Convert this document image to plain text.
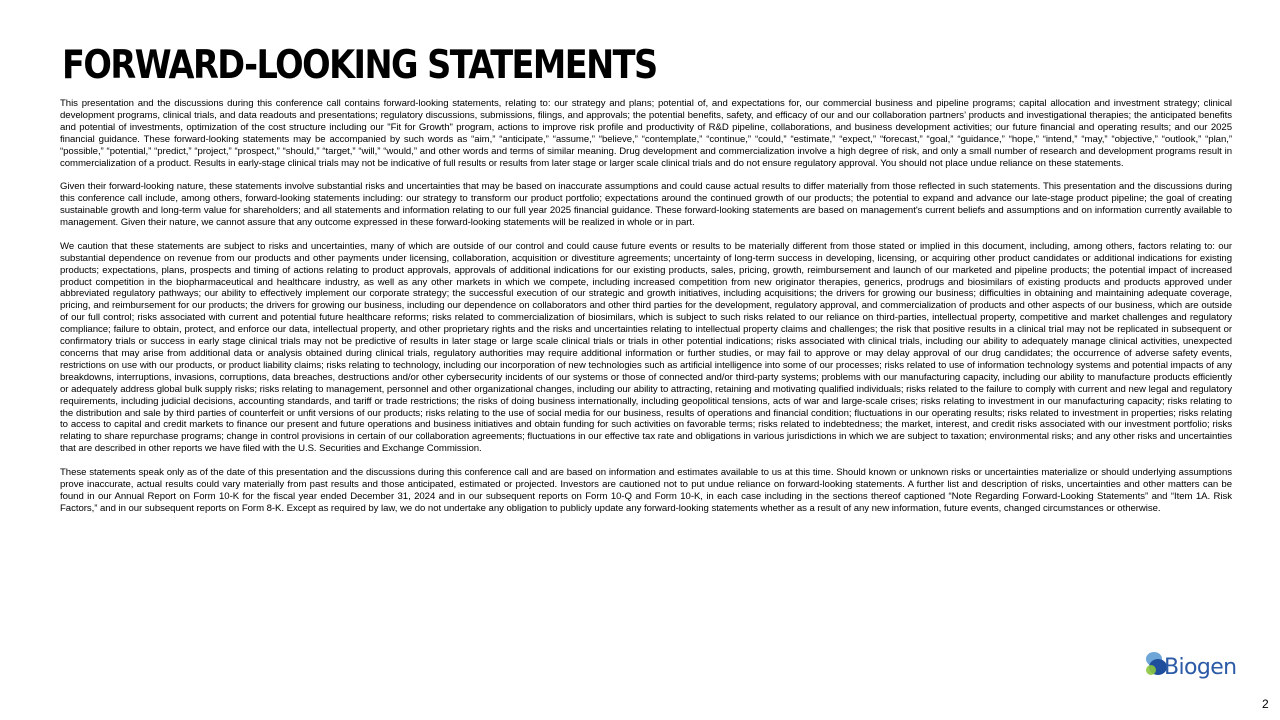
FORWARD-LOOKING STATEMENTS

This presentation and the discussions during this conference call contains forward-looking statements, relating to: our strategy and plans; potential of, and expectations for, our commercial business and pipeline programs; capital allocation and investment strategy; clinical development programs, clinical trials, and data readouts and presentations; regulatory discussions, submissions, filings, and approvals; the potential benefits, safety, and efficacy of our and our collaboration partners’ products and investigational therapies; the anticipated benefits and potential of investments, optimization of the cost structure including our "Fit for Growth" program, actions to improve risk profile and productivity of R&D pipeline, collaborations, and business development activities; our future financial and operating results; and our 2025 financial guidance. These forward-looking statements may be accompanied by such words as “aim,” “anticipate,” “assume,” “believe,” “contemplate,” “continue,” “could,” “estimate,” “expect,” “forecast,” “goal,” “guidance,” “hope,” “intend,” “may,” “objective,” “outlook,” “plan,” “possible,” “potential,” “predict,” “project,” “prospect,” “should,” “target,” “will,” “would,” and other words and terms of similar meaning. Drug development and commercialization involve a high degree of risk, and only a small number of research and development programs result in commercialization of a product. Results in early-stage clinical trials may not be indicative of full results or results from later stage or larger scale clinical trials and do not ensure regulatory approval. You should not place undue reliance on these statements.

Given their forward-looking nature, these statements involve substantial risks and uncertainties that may be based on inaccurate assumptions and could cause actual results to differ materially from those reflected in such statements. This presentation and the discussions during this conference call include, among others, forward-looking statements including: our strategy to transform our product portfolio; expectations around the continued growth of our products; the potential to expand and advance our late-stage product pipeline; the goal of creating sustainable growth and long-term value for shareholders; and all statements and information relating to our full year 2025 financial guidance. These forward-looking statements are based on management's current beliefs and assumptions and on information currently available to management. Given their nature, we cannot assure that any outcome expressed in these forward-looking statements will be realized in whole or in part.

We caution that these statements are subject to risks and uncertainties, many of which are outside of our control and could cause future events or results to be materially different from those stated or implied in this document, including, among others, factors relating to: our substantial dependence on revenue from our products and other payments under licensing, collaboration, acquisition or divestiture agreements; uncertainty of long-term success in developing, licensing, or acquiring other product candidates or additional indications for existing products; expectations, plans, prospects and timing of actions relating to product approvals, approvals of additional indications for our existing products, sales, pricing, growth, reimbursement and launch of our marketed and pipeline products; the potential impact of increased product competition in the biopharmaceutical and healthcare industry, as well as any other markets in which we compete, including increased competition from new originator therapies, generics, prodrugs and biosimilars of existing products and products approved under abbreviated regulatory pathways; our ability to effectively implement our corporate strategy; the successful execution of our strategic and growth initiatives, including acquisitions; the drivers for growing our business; difficulties in obtaining and maintaining adequate coverage, pricing, and reimbursement for our products; the drivers for growing our business, including our dependence on collaborators and other third parties for the development, regulatory approval, and commercialization of products and other aspects of our business, which are outside of our full control; risks associated with current and potential future healthcare reforms; risks related to commercialization of biosimilars, which is subject to such risks related to our reliance on third-parties, intellectual property, competitive and market challenges and regulatory compliance; failure to obtain, protect, and enforce our data, intellectual property, and other proprietary rights and the risks and uncertainties relating to intellectual property claims and challenges; the risk that positive results in a clinical trial may not be replicated in subsequent or confirmatory trials or success in early stage clinical trials may not be predictive of results in later stage or large scale clinical trials or trials in other potential indications; risks associated with clinical trials, including our ability to adequately manage clinical activities, unexpected concerns that may arise from additional data or analysis obtained during clinical trials, regulatory authorities may require additional information or further studies, or may fail to approve or may delay approval of our drug candidates; the occurrence of adverse safety events, restrictions on use with our products, or product liability claims; risks relating to technology, including our incorporation of new technologies such as artificial intelligence into some of our processes; risks related to use of information technology systems and potential impacts of any breakdowns, interruptions, invasions, corruptions, data breaches, destructions and/or other cybersecurity incidents of our systems or those of connected and/or third-party systems; problems with our manufacturing capacity, including our ability to manufacture products efficiently or adequately address global bulk supply risks; risks relating to management, personnel and other organizational changes, including our ability to attracting, retaining and motivating qualified individuals; risks related to the failure to comply with current and new legal and regulatory requirements, including judicial decisions, accounting standards, and tariff or trade restrictions; the risks of doing business internationally, including geopolitical tensions, acts of war and large-scale crises; risks relating to investment in our manufacturing capacity; risks relating to the distribution and sale by third parties of counterfeit or unfit versions of our products; risks relating to the use of social media for our business, results of operations and financial condition; fluctuations in our operating results; risks related to investment in properties; risks relating to access to capital and credit markets to finance our present and future operations and business initiatives and obtain funding for such activities on favorable terms; risks related to indebtedness; the market, interest, and credit risks associated with our investment portfolio; risks relating to share repurchase programs; change in control provisions in certain of our collaboration agreements; fluctuations in our effective tax rate and obligations in various jurisdictions in which we are subject to taxation; environmental risks; and any other risks and uncertainties that are described in other reports we have filed with the U.S. Securities and Exchange Commission.

These statements speak only as of the date of this presentation and the discussions during this conference call and are based on information and estimates available to us at this time. Should known or unknown risks or uncertainties materialize or should underlying assumptions prove inaccurate, actual results could vary materially from past results and those anticipated, estimated or projected. Investors are cautioned not to put undue reliance on forward-looking statements. A further list and description of risks, uncertainties and other matters can be found in our Annual Report on Form 10-K for the fiscal year ended December 31, 2024 and in our subsequent reports on Form 10-Q and Form 10-K, in each case including in the sections thereof captioned “Note Regarding Forward-Looking Statements” and “Item 1A. Risk Factors,” and in our subsequent reports on Form 8-K. Except as required by law, we do not undertake any obligation to publicly update any forward-looking statements whether as a result of any new information, future events, changed circumstances or otherwise.

Biogen
2
